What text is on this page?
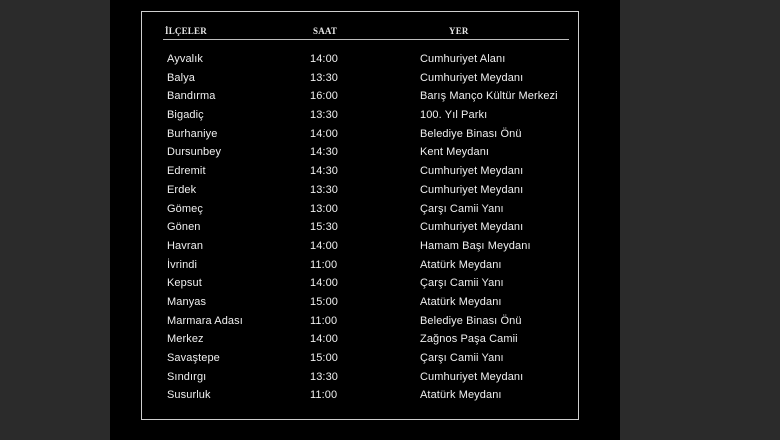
İLÇELER	SAAT	YER
Ayvalık	14:00	Cumhuriyet Alanı
Balya	13:30	Cumhuriyet Meydanı
Bandırma	16:00	Barış Manço Kültür Merkezi
Bigadiç	13:30	100. Yıl Parkı
Burhaniye	14:00	Belediye Binası Önü
Dursunbey	14:30	Kent Meydanı
Edremit	14:30	Cumhuriyet Meydanı
Erdek	13:30	Cumhuriyet Meydanı
Gömeç	13:00	Çarşı Camii Yanı
Gönen	15:30	Cumhuriyet Meydanı
Havran	14:00	Hamam Başı Meydanı
İvrindi	11:00	Atatürk Meydanı
Kepsut	14:00	Çarşı Camii Yanı
Manyas	15:00	Atatürk Meydanı
Marmara Adası	11:00	Belediye Binası Önü
Merkez	14:00	Zağnos Paşa Camii
Savaştepe	15:00	Çarşı Camii Yanı
Sındırgı	13:30	Cumhuriyet Meydanı
Susurluk	11:00	Atatürk Meydanı
